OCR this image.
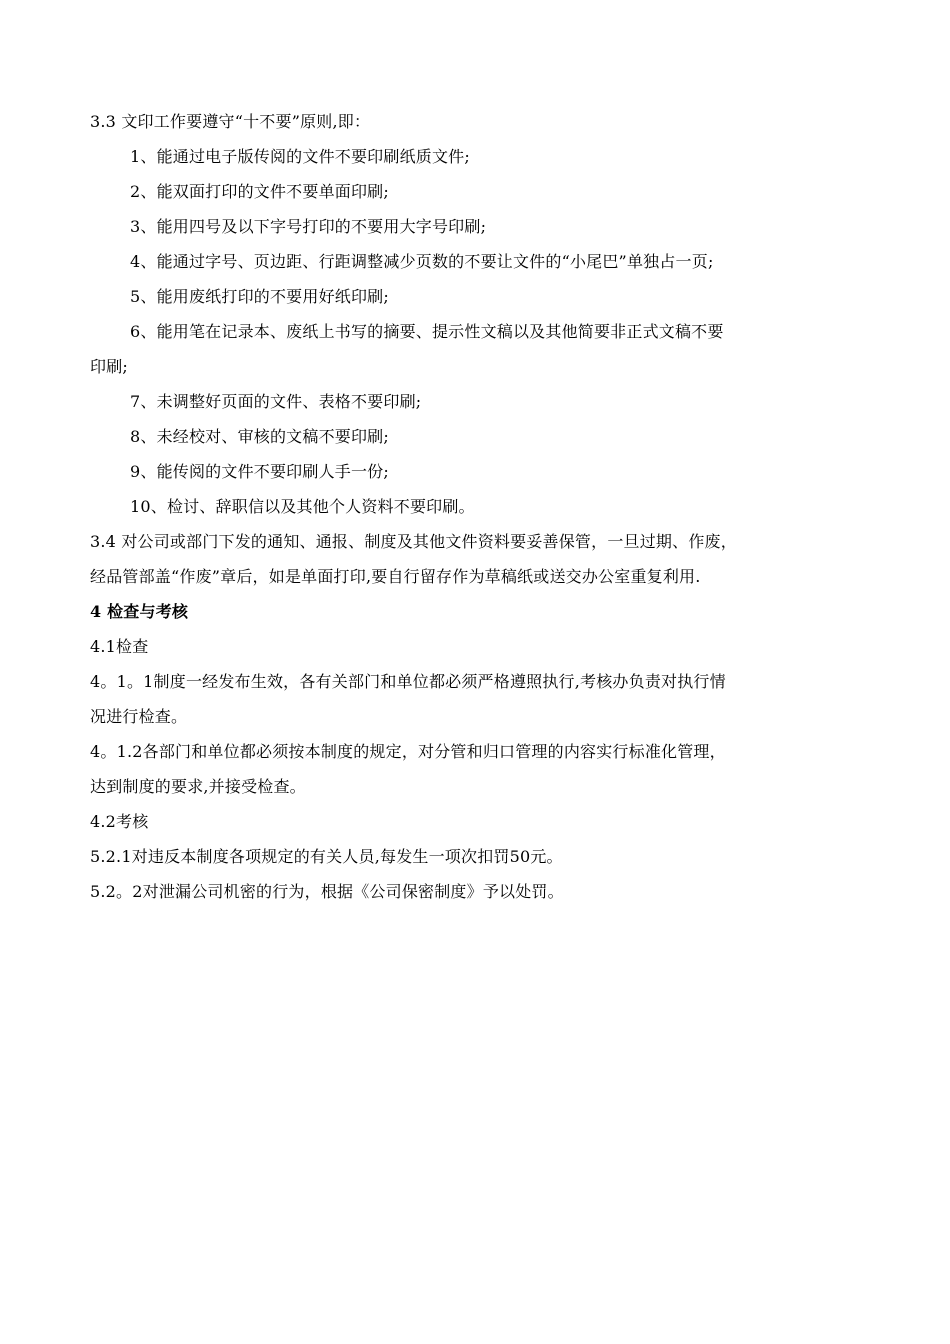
3.3 文印工作要遵守“十不要”原则,即：
1、能通过电子版传阅的文件不要印刷纸质文件;
2、能双面打印的文件不要单面印刷;
3、能用四号及以下字号打印的不要用大字号印刷;
4、能通过字号、页边距、行距调整减少页数的不要让文件的“小尾巴”单独占一页;
5、能用废纸打印的不要用好纸印刷;
6、能用笔在记录本、废纸上书写的摘要、提示性文稿以及其他简要非正式文稿不要
印刷;
7、未调整好页面的文件、表格不要印刷;
8、未经校对、审核的文稿不要印刷;
9、能传阅的文件不要印刷人手一份;
10、检讨、辞职信以及其他个人资料不要印刷。
3.4 对公司或部门下发的通知、通报、制度及其他文件资料要妥善保管，一旦过期、作废，
经品管部盖“作废”章后，如是单面打印,要自行留存作为草稿纸或送交办公室重复利用.
4 检查与考核
4.1检查
4。1。1制度一经发布生效，各有关部门和单位都必须严格遵照执行,考核办负责对执行情
况进行检查。
4。1.2各部门和单位都必须按本制度的规定，对分管和归口管理的内容实行标准化管理，
达到制度的要求,并接受检查。
4.2考核
5.2.1对违反本制度各项规定的有关人员,每发生一项次扣罚50元。
5.2。2对泄漏公司机密的行为，根据《公司保密制度》予以处罚。
